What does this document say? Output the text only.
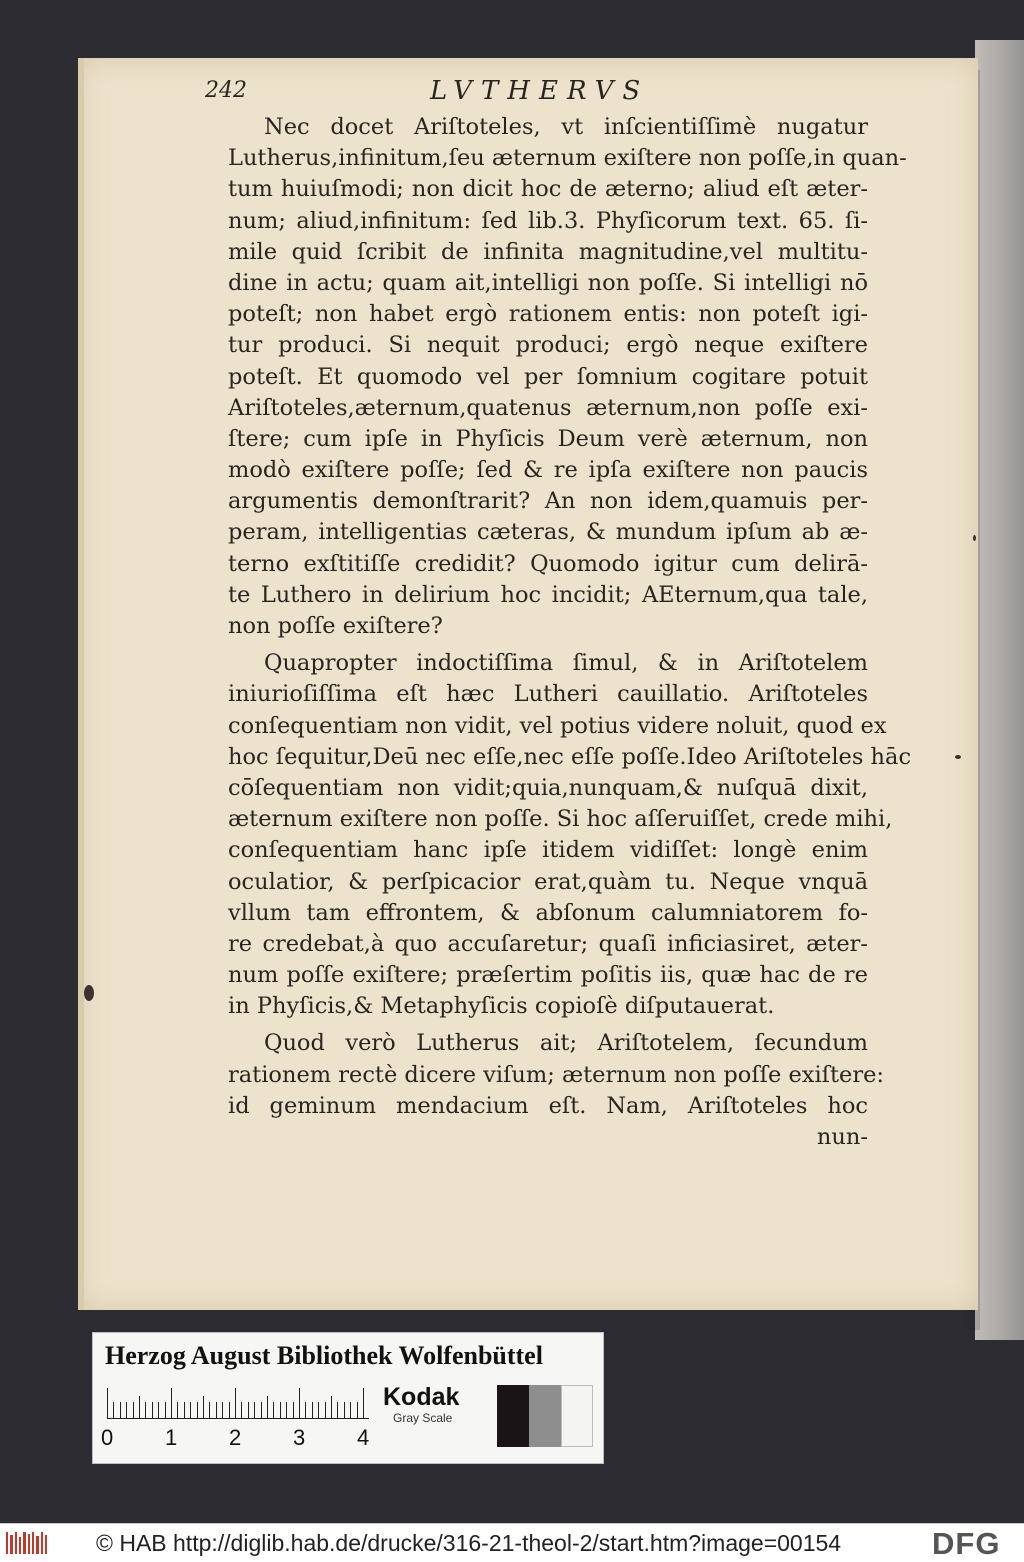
242	LVTHERVS
Nec docet Ariſtoteles, vt inſcientiſſimè nugatur
Lutherus,infinitum,ſeu æternum exiſtere non poſſe,in quan-
tum huiuſmodi; non dicit hoc de æterno; aliud eſt æter-
num; aliud,infinitum: ſed lib.3. Phyſicorum text. 65. ſi-
mile quid ſcribit de infinita magnitudine,vel multitu-
dine in actu; quam ait,intelligi non poſſe. Si intelligi nō
poteſt; non habet ergò rationem entis: non poteſt igi-
tur produci. Si nequit produci; ergò neque exiſtere
poteſt. Et quomodo vel per ſomnium cogitare potuit
Ariſtoteles,æternum,quatenus æternum,non poſſe exi-
ſtere; cum ipſe in Phyſicis Deum verè æternum, non
modò exiſtere poſſe; ſed & re ipſa exiſtere non paucis
argumentis demonſtrarit? An non idem,quamuis per-
peram, intelligentias cæteras, & mundum ipſum ab æ-
terno exſtitiſſe credidit? Quomodo igitur cum delirā-
te Luthero in delirium hoc incidit; AEternum,qua tale,
non poſſe exiſtere?
Quapropter indoctiſſima ſimul, & in Ariſtotelem
iniurioſiſſima eſt hæc Lutheri cauillatio. Ariſtoteles
conſequentiam non vidit, vel potius videre noluit, quod ex
hoc ſequitur,Deū nec eſſe,nec eſſe poſſe.Ideo Ariſtoteles hāc
cōſequentiam non vidit;quia,nunquam,& nuſquā dixit,
æternum exiſtere non poſſe. Si hoc aſſeruiſſet, crede mihi,
conſequentiam hanc ipſe itidem vidiſſet: longè enim
oculatior, & perſpicacior erat,quàm tu. Neque vnquā
vllum tam effrontem, & abſonum calumniatorem fo-
re credebat,à quo accuſaretur; quaſi inficiasiret, æter-
num poſſe exiſtere; præſertim poſitis iis, quæ hac de re
in Phyſicis,& Metaphyſicis copioſè diſputauerat.
Quod verò Lutherus ait; Ariſtotelem, ſecundum
rationem rectè dicere viſum; æternum non poſſe exiſtere:
id geminum mendacium eſt. Nam, Ariſtoteles hoc
nun-
Herzog August Bibliothek Wolfenbüttel
0 1 2 3 4
Kodak
Gray Scale
© HAB http://diglib.hab.de/drucke/316-21-theol-2/start.htm?image=00154	DFG
